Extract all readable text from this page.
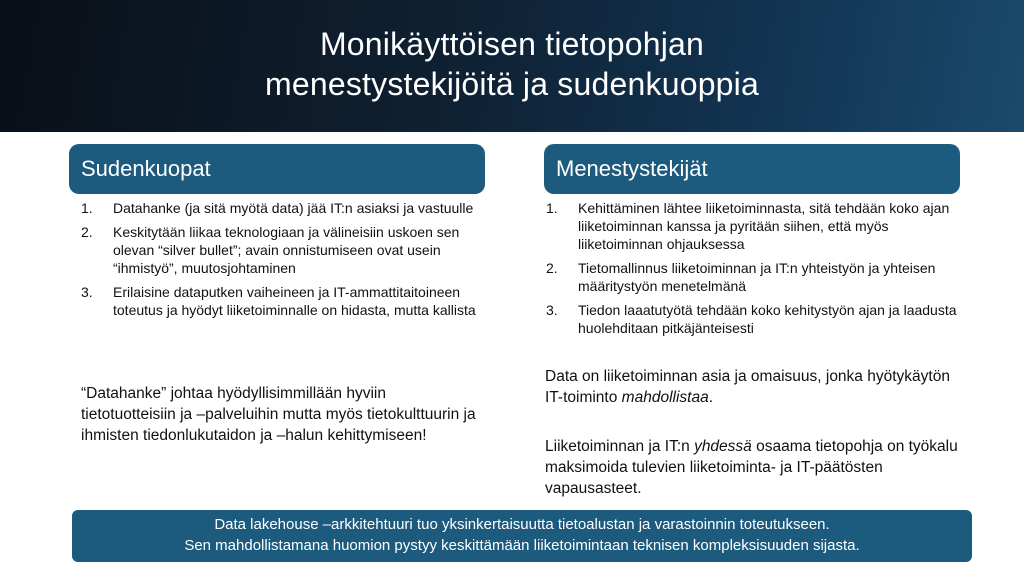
Monikäyttöisen tietopohjan
menestystekijöitä ja sudenkuoppia
Sudenkuopat	Menestystekijät
1. Datahanke (ja sitä myötä data) jää IT:n asiaksi ja vastuulle
2. Keskitytään liikaa teknologiaan ja välineisiin uskoen sen olevan “silver bullet”; avain onnistumiseen ovat usein “ihmistyö”, muutosjohtaminen
3. Erilaisine dataputken vaiheineen ja IT-ammattitaitoineen toteutus ja hyödyt liiketoiminnalle on hidasta, mutta kallista

“Datahanke” johtaa hyödyllisimmillään hyviin tietotuotteisiin ja –palveluihin mutta myös tietokulttuurin ja ihmisten tiedonlukutaidon ja –halun kehittymiseen!

1. Kehittäminen lähtee liiketoiminnasta, sitä tehdään koko ajan liiketoiminnan kanssa ja pyritään siihen, että myös liiketoiminnan ohjauksessa
2. Tietomallinnus liiketoiminnan ja IT:n yhteistyön ja yhteisen määritystyön menetelmänä
3. Tiedon laaatutyötä tehdään koko kehitystyön ajan ja laadusta huolehditaan pitkäjänteisesti

Data on liiketoiminnan asia ja omaisuus, jonka hyötykäytön IT-toiminto mahdollistaa.

Liiketoiminnan ja IT:n yhdessä osaama tietopohja on työkalu maksimoida tulevien liiketoiminta- ja IT-päätösten vapausasteet.

Data lakehouse –arkkitehtuuri tuo yksinkertaisuutta tietoalustan ja varastoinnin toteutukseen.
Sen mahdollistamana huomion pystyy keskittämään liiketoimintaan teknisen kompleksisuuden sijasta.
